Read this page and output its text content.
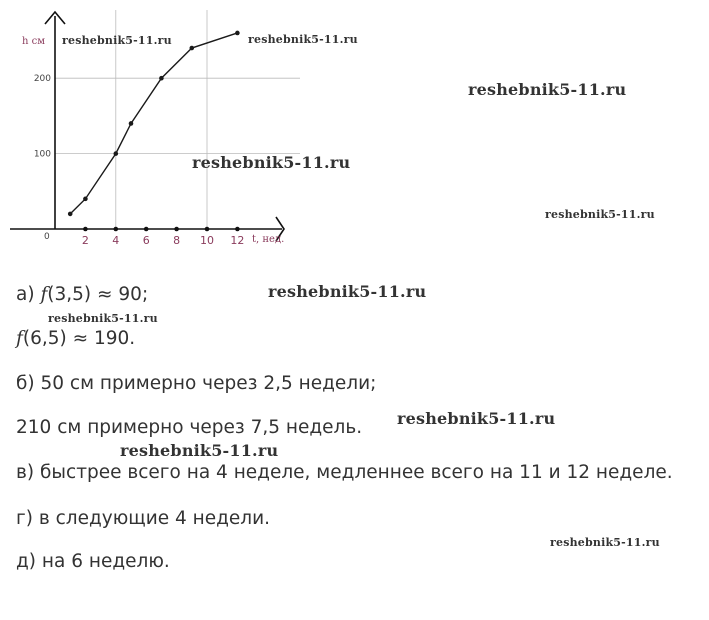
2 4 6 8 10 12
100
200
h см
t, нед.
0
reshebnik5-11.ru	reshebnik5-11.ru
reshebnik5-11.ru
reshebnik5-11.ru
reshebnik5-11.ru
reshebnik5-11.ru
reshebnik5-11.ru
reshebnik5-11.ru
reshebnik5-11.ru
reshebnik5-11.ru
а) f(3,5) ≈ 90;
f(6,5) ≈ 190.
б) 50 см примерно через 2,5 недели;
210 см примерно через 7,5 недель.
в) быстрее всего на 4 неделе, медленнее всего на 11 и 12 неделе.
г) в следующие 4 недели.
д) на 6 неделю.
